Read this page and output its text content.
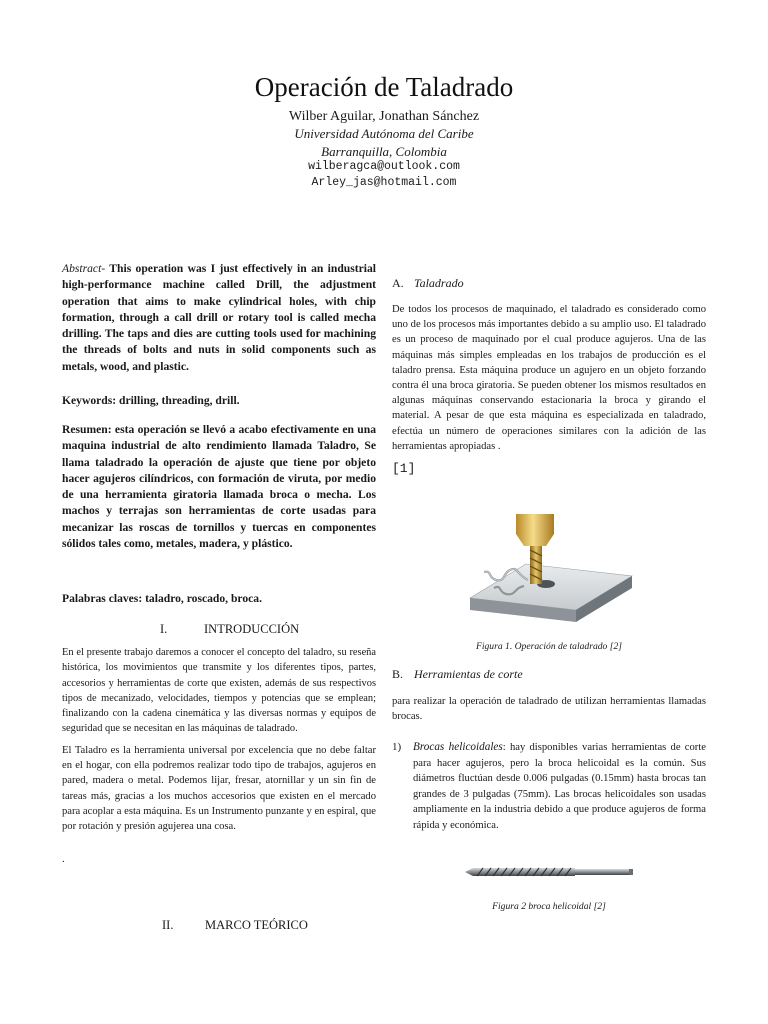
Operación de Taladrado
Wilber Aguilar, Jonathan Sánchez
Universidad Autónoma del Caribe
Barranquilla, Colombia
wilberagca@outlook.com
Arley_jas@hotmail.com
Abstract- This operation was I just effectively in an industrial high-performance machine called Drill, the adjustment operation that aims to make cylindrical holes, with chip formation, through a call drill or rotary tool is called mecha drilling. The taps and dies are cutting tools used for machining the threads of bolts and nuts in solid components such as metals, wood, and plastic.
Keywords: drilling, threading, drill.
Resumen: esta operación se llevó a acabo efectivamente en una maquina industrial de alto rendimiento llamada Taladro, Se llama taladrado la operación de ajuste que tiene por objeto hacer agujeros cilíndricos, con formación de viruta, por medio de una herramienta giratoria llamada broca o mecha. Los machos y terrajas son herramientas de corte usadas para mecanizar las roscas de tornillos y tuercas en componentes sólidos tales como, metales, madera, y plástico.
Palabras claves: taladro, roscado, broca.
I.	INTRODUCCIÓN
En el presente trabajo daremos a conocer el concepto del taladro, su reseña histórica, los movimientos que transmite y los diferentes tipos, partes, accesorios y herramientas de corte que existen, además de sus respectivos tipos de mecanizado, velocidades, tiempos y potencias que se emplean; finalizando con la cadena cinemática y las diversas normas y equipos de seguridad que se necesitan en las máquinas de taladrado.
El Taladro es la herramienta universal por excelencia que no debe faltar en el hogar, con ella podremos realizar todo tipo de trabajos, agujeros en pared, madera o metal. Podemos lijar, fresar, atornillar y un sin fin de tareas más, gracias a los muchos accesorios que existen en el mercado para acoplar a esta máquina. Es un Instrumento punzante y en espiral, que por rotación y presión agujerea una cosa.
.
II.	MARCO TEÓRICO
A. Taladrado
De todos los procesos de maquinado, el taladrado es considerado como uno de los procesos más importantes debido a su amplio uso. El taladrado es un proceso de maquinado por el cual produce agujeros. Una de las máquinas más simples empleadas en los trabajos de producción es el taladro prensa. Esta máquina produce un agujero en un objeto forzando contra él una broca giratoria. Se pueden obtener los mismos resultados en algunas máquinas conservando estacionaria la broca y girando el material. A pesar de que esta máquina es especializada en taladrado, efectúa un número de operaciones similares con la adición de las herramientas apropiadas .
[1]
Figura 1. Operación de taladrado [2]
B. Herramientas de corte
para realizar la operación de taladrado de utilizan herramientas llamadas brocas.
1) Brocas helicoidales: hay disponibles varias herramientas de corte para hacer agujeros, pero la broca helicoidal es la común. Sus diámetros fluctúan desde 0.006 pulgadas (0.15mm) hasta brocas tan grandes de 3 pulgadas (75mm). Las brocas helicoidales son usadas ampliamente en la industria debido a que produce agujeros de forma rápida y económica.
Figura 2 broca helicoidal [2]
